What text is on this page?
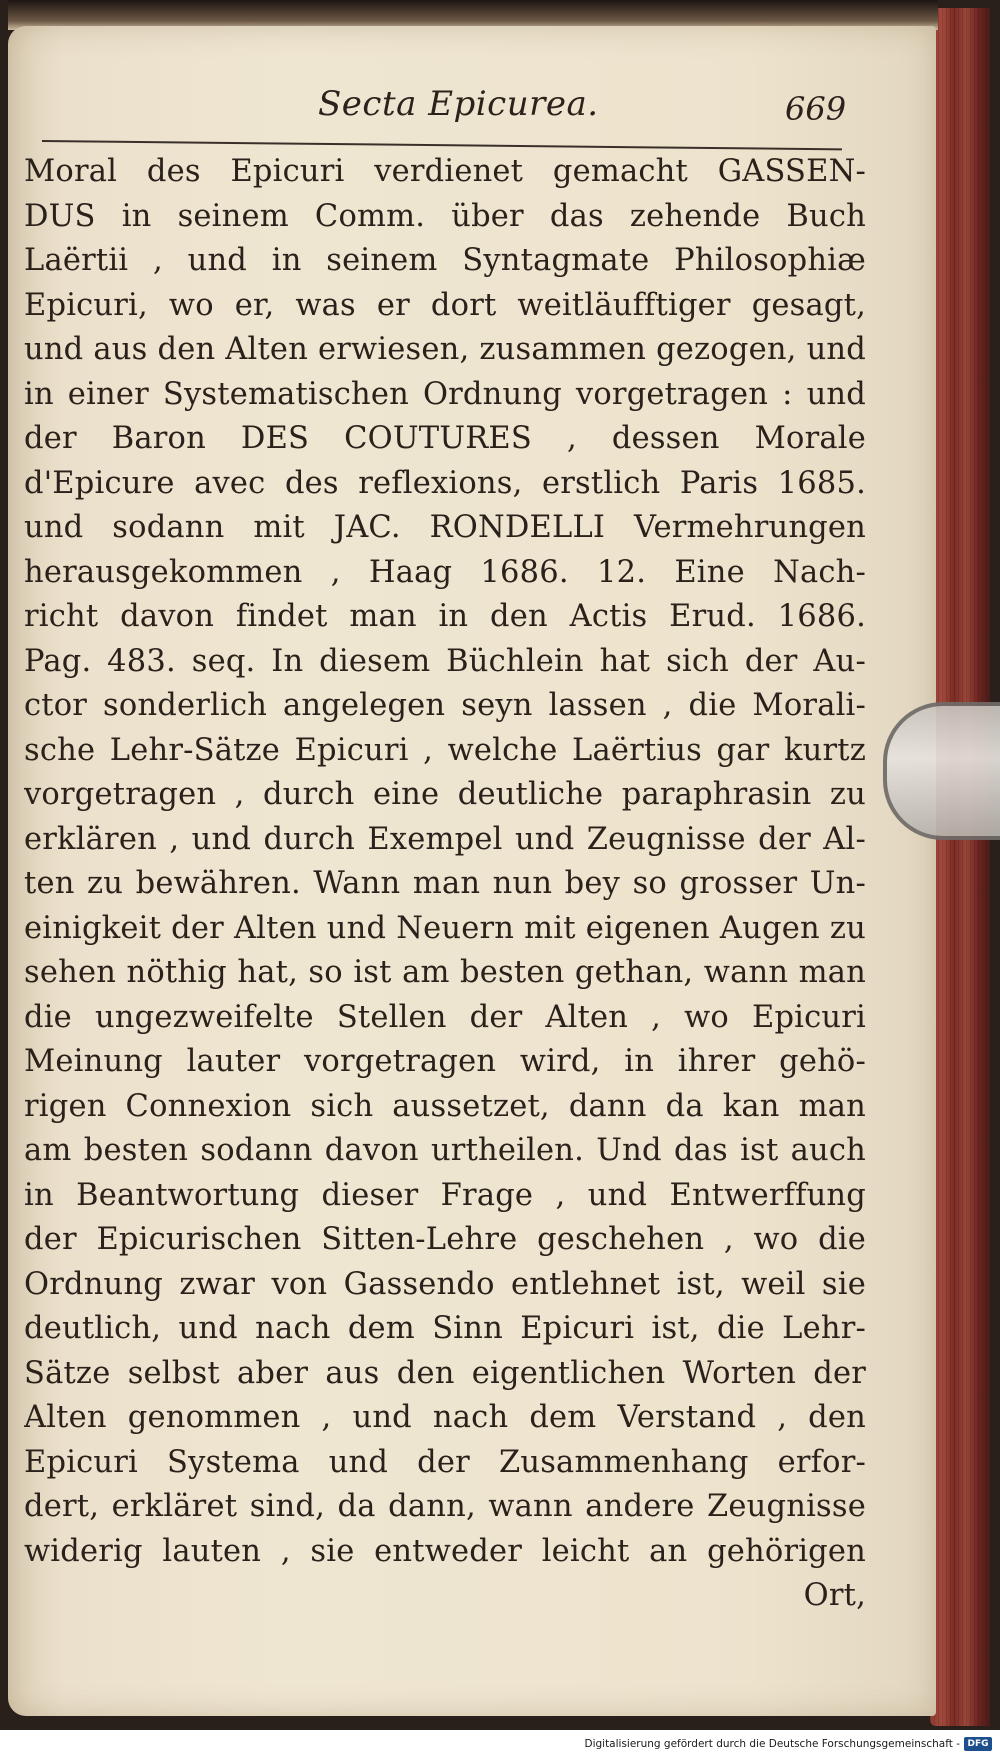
Secta Epicurea.	669
Moral des Epicuri verdienet gemacht GASSEN-
DUS in seinem Comm. über das zehende Buch
Laërtii , und in seinem Syntagmate Philosophiæ
Epicuri, wo er, was er dort weitläufftiger gesagt,
und aus den Alten erwiesen, zusammen gezogen, und
in einer Systematischen Ordnung vorgetragen : und
der Baron DES COUTURES , dessen Morale
d'Epicure avec des reflexions, erstlich Paris 1685.
und sodann mit JAC. RONDELLI Vermehrungen
herausgekommen , Haag 1686. 12. Eine Nach-
richt davon findet man in den Actis Erud. 1686.
Pag. 483. seq. In diesem Büchlein hat sich der Au-
ctor sonderlich angelegen seyn lassen , die Morali-
sche Lehr-Sätze Epicuri , welche Laërtius gar kurtz
vorgetragen , durch eine deutliche paraphrasin zu
erklären , und durch Exempel und Zeugnisse der Al-
ten zu bewähren. Wann man nun bey so grosser Un-
einigkeit der Alten und Neuern mit eigenen Augen zu
sehen nöthig hat, so ist am besten gethan, wann man
die ungezweifelte Stellen der Alten , wo Epicuri
Meinung lauter vorgetragen wird, in ihrer gehö-
rigen Connexion sich aussetzet, dann da kan man
am besten sodann davon urtheilen. Und das ist auch
in Beantwortung dieser Frage , und Entwerffung
der Epicurischen Sitten-Lehre geschehen , wo die
Ordnung zwar von Gassendo entlehnet ist, weil sie
deutlich, und nach dem Sinn Epicuri ist, die Lehr-
Sätze selbst aber aus den eigentlichen Worten der
Alten genommen , und nach dem Verstand , den
Epicuri Systema und der Zusammenhang erfor-
dert, erkläret sind, da dann, wann andere Zeugnisse
widerig lauten , sie entweder leicht an gehörigen
Ort,
Digitalisierung gefördert durch die Deutsche Forschungsgemeinschaft - DFG
